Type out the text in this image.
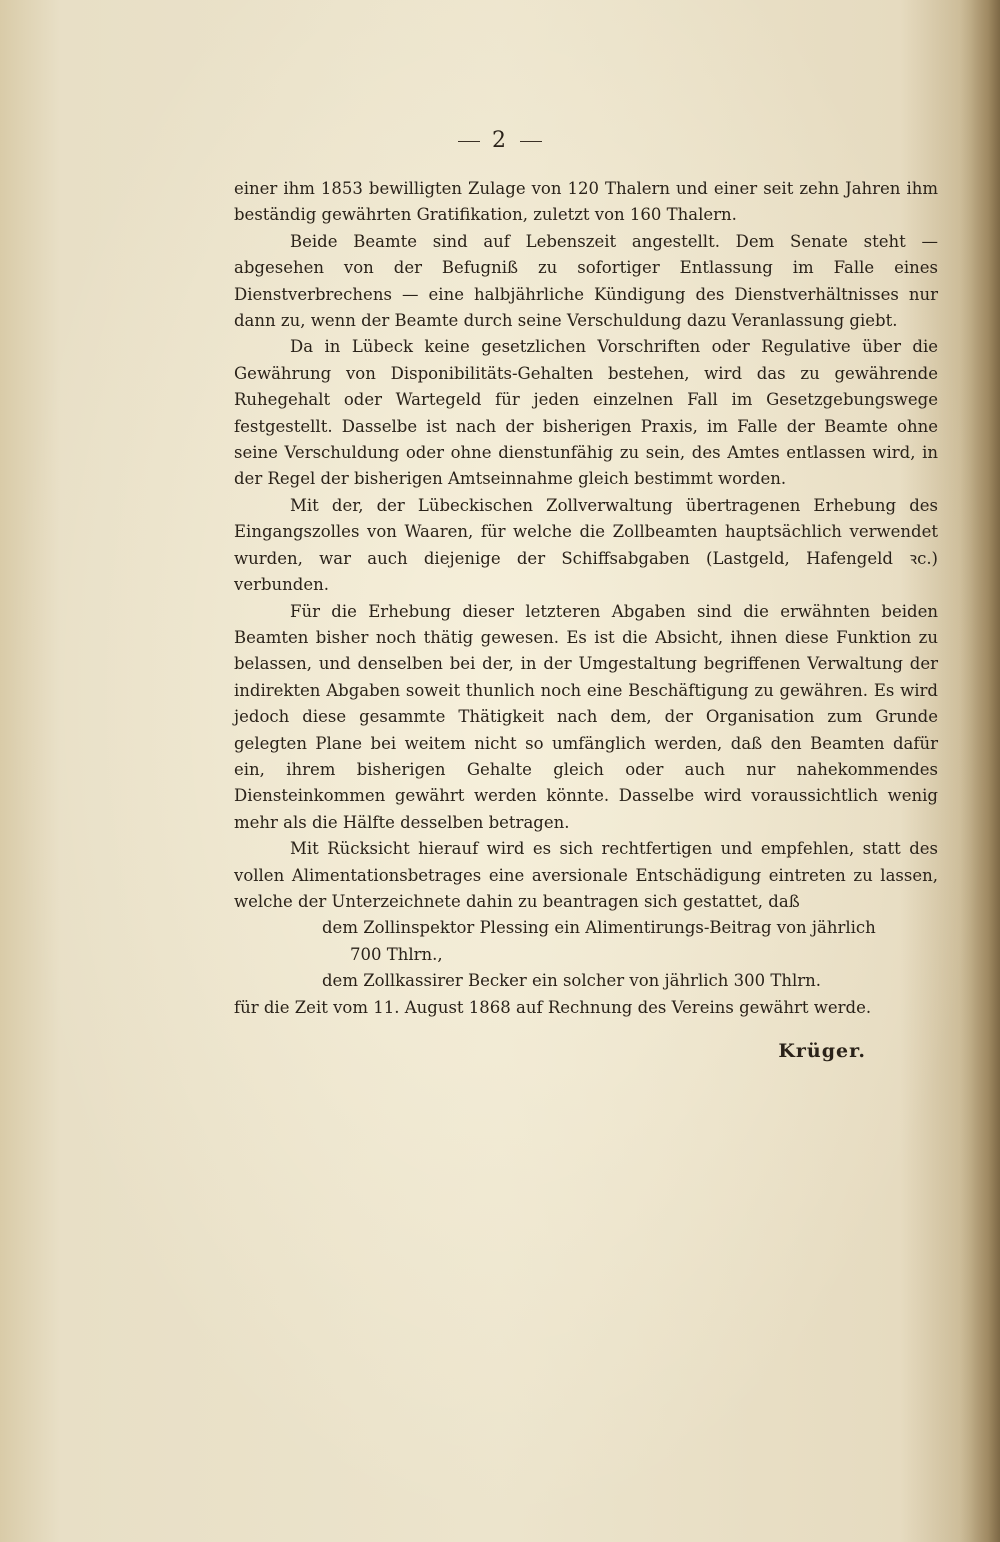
2

einer ihm 1853 bewilligten Zulage von 120 Thalern und einer seit zehn Jahren ihm beständig gewährten Gratifikation, zuletzt von 160 Thalern.

Beide Beamte sind auf Lebenszeit angestellt. Dem Senate steht — abgesehen von der Befugniß zu sofortiger Entlassung im Falle eines Dienstverbrechens — eine halbjährliche Kündigung des Dienstverhältnisses nur dann zu, wenn der Beamte durch seine Verschuldung dazu Veranlassung giebt.

Da in Lübeck keine gesetzlichen Vorschriften oder Regulative über die Gewährung von Disponibilitäts-Gehalten bestehen, wird das zu gewährende Ruhegehalt oder Wartegeld für jeden einzelnen Fall im Gesetzgebungswege festgestellt. Dasselbe ist nach der bisherigen Praxis, im Falle der Beamte ohne seine Verschuldung oder ohne dienstunfähig zu sein, des Amtes entlassen wird, in der Regel der bisherigen Amtseinnahme gleich bestimmt worden.

Mit der, der Lübeckischen Zollverwaltung übertragenen Erhebung des Eingangszolles von Waaren, für welche die Zollbeamten hauptsächlich verwendet wurden, war auch diejenige der Schiffsabgaben (Lastgeld, Hafengeld ꝛc.) verbunden.

Für die Erhebung dieser letzteren Abgaben sind die erwähnten beiden Beamten bisher noch thätig gewesen. Es ist die Absicht, ihnen diese Funktion zu belassen, und denselben bei der, in der Umgestaltung begriffenen Verwaltung der indirekten Abgaben soweit thunlich noch eine Beschäftigung zu gewähren. Es wird jedoch diese gesammte Thätigkeit nach dem, der Organisation zum Grunde gelegten Plane bei weitem nicht so umfänglich werden, daß den Beamten dafür ein, ihrem bisherigen Gehalte gleich oder auch nur nahekommendes Diensteinkommen gewährt werden könnte. Dasselbe wird voraussichtlich wenig mehr als die Hälfte desselben betragen.

Mit Rücksicht hierauf wird es sich rechtfertigen und empfehlen, statt des vollen Alimentationsbetrages eine aversionale Entschädigung eintreten zu lassen, welche der Unterzeichnete dahin zu beantragen sich gestattet, daß

dem Zollinspektor Plessing ein Alimentirungs-Beitrag von jährlich
700 Thlrn.,
dem Zollkassirer Becker ein solcher von jährlich 300 Thlrn.
für die Zeit vom 11. August 1868 auf Rechnung des Vereins gewährt werde.
Krüger.
